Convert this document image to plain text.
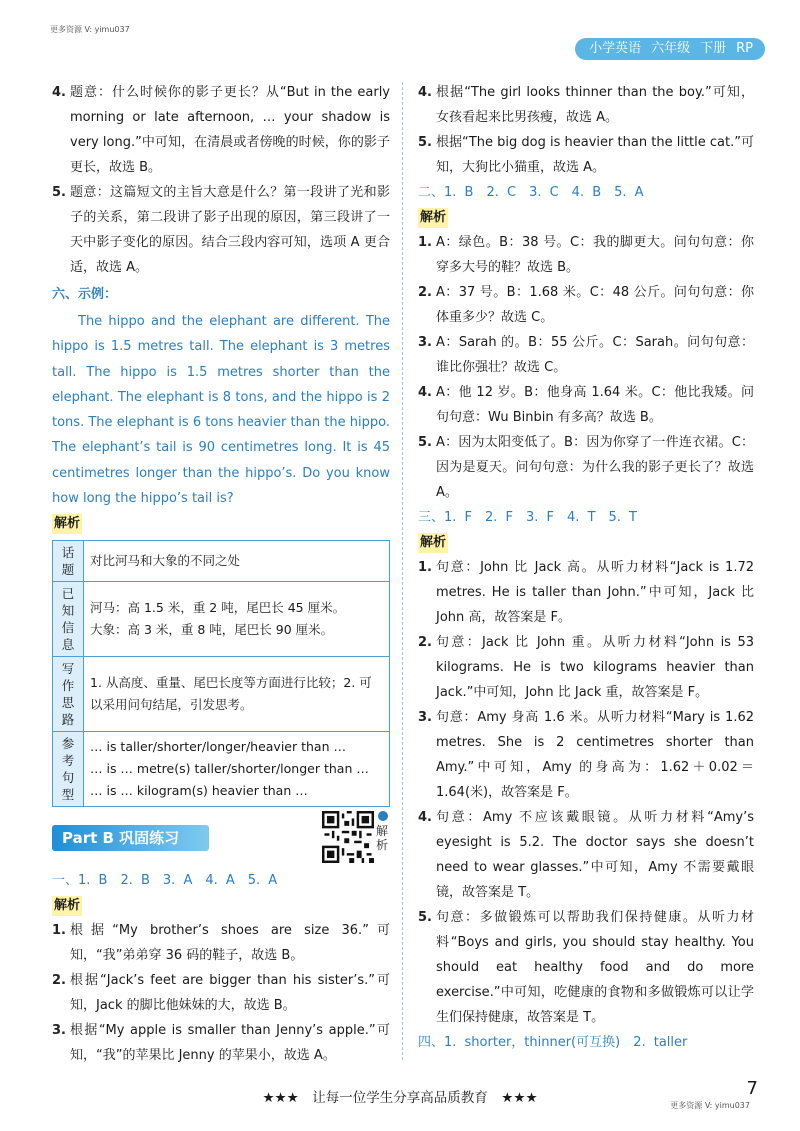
更多资源 V: yimu037
小学英语 六年级 下册 RP
4. 题意：什么时候你的影子更长？从“But in the early morning or late afternoon, … your shadow is very long.”中可知，在清晨或者傍晚的时候，你的影子更长，故选 B。
5. 题意：这篇短文的主旨大意是什么？第一段讲了光和影子的关系，第二段讲了影子出现的原因，第三段讲了一天中影子变化的原因。结合三段内容可知，选项 A 更合适，故选 A。
六、示例：
The hippo and the elephant are different. The hippo is 1.5 metres tall. The elephant is 3 metres tall. The hippo is 1.5 metres shorter than the elephant. The elephant is 8 tons, and the hippo is 2 tons. The elephant is 6 tons heavier than the hippo. The elephant’s tail is 90 centimetres long. It is 45 centimetres longer than the hippo’s. Do you know how long the hippo’s tail is?
解析
话题	对比河马和大象的不同之处
已知信息	河马：高 1.5 米，重 2 吨，尾巴长 45 厘米。
大象：高 3 米，重 8 吨，尾巴长 90 厘米。

写作思路	1. 从高度、重量、尾巴长度等方面进行比较；2. 可以采用问句结尾，引发思考。
参考句型	… is taller/shorter/longer/heavier than …
… is … metre(s) taller/shorter/longer than …
… is … kilogram(s) heavier than …
Part B 巩固练习
一、1. B　2. B　3. A　4. A　5. A
解析
1. 根据“My brother’s shoes are size 36.”可知，“我”弟弟穿 36 码的鞋子，故选 B。
2. 根据“Jack’s feet are bigger than his sister’s.”可知，Jack 的脚比他妹妹的大，故选 B。
3. 根据“My apple is smaller than Jenny’s apple.”可知，“我”的苹果比 Jenny 的苹果小，故选 A。
解析
4. 根据“The girl looks thinner than the boy.”可知，女孩看起来比男孩瘦，故选 A。
5. 根据“The big dog is heavier than the little cat.”可知，大狗比小猫重，故选 A。
二、1. B　2. C　3. C　4. B　5. A
解析
1. A：绿色。B：38 号。C：我的脚更大。问句句意：你穿多大号的鞋？故选 B。
2. A：37 号。B：1.68 米。C：48 公斤。问句句意：你体重多少？故选 C。
3. A：Sarah 的。B：55 公斤。C：Sarah。问句句意：谁比你强壮？故选 C。
4. A：他 12 岁。B：他身高 1.64 米。C：他比我矮。问句句意：Wu Binbin 有多高？故选 B。
5. A：因为太阳变低了。B：因为你穿了一件连衣裙。C：因为是夏天。问句句意：为什么我的影子更长了？故选 A。
三、1. F　2. F　3. F　4. T　5. T
解析
1. 句意：John 比 Jack 高。从听力材料“Jack is 1.72 metres. He is taller than John.”中可知，Jack 比 John 高，故答案是 F。
2. 句意：Jack 比 John 重。从听力材料“John is 53 kilograms. He is two kilograms heavier than Jack.”中可知，John 比 Jack 重，故答案是 F。
3. 句意：Amy 身高 1.6 米。从听力材料“Mary is 1.62 metres. She is 2 centimetres shorter than Amy.”中可知，Amy 的身高为：1.62＋0.02＝1.64(米)，故答案是 F。
4. 句意：Amy 不应该戴眼镜。从听力材料“Amy’s eyesight is 5.2. The doctor says she doesn’t need to wear glasses.”中可知，Amy 不需要戴眼镜，故答案是 T。
5. 句意：多做锻炼可以帮助我们保持健康。从听力材料“Boys and girls, you should stay healthy. You should eat healthy food and do more exercise.”中可知，吃健康的食物和多做锻炼可以让学生们保持健康，故答案是 T。
四、1. shorter，thinner(可互换)　2. taller
★★★　让每一位学生分享高品质教育　★★★	7
更多资源 V: yimu037
